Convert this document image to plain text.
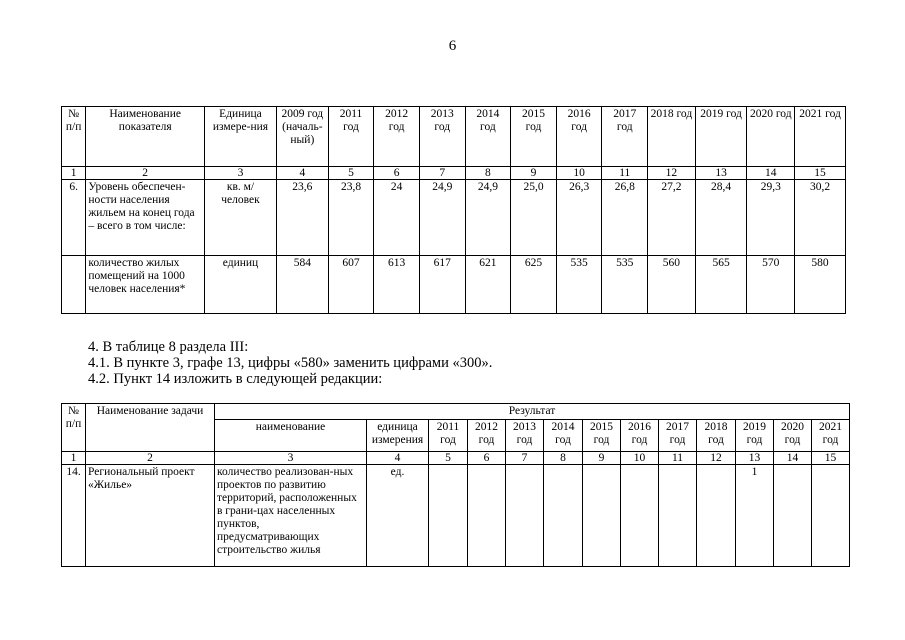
6
№ п/п	Наименование показателя	Единица измере-ния	2009 год (началь-ный)	2011 год	2012 год	2013 год	2014 год	2015 год	2016 год	2017 год	2018 год	2019 год	2020 год	2021 год
1	2	3	4	5	6	7	8	9	10	11	12	13	14	15
6.	Уровень обеспечен-ности населения жильем на конец года – всего в том числе:	кв. м/ человек	23,6	23,8	24	24,9	24,9	25,0	26,3	26,8	27,2	28,4	29,3	30,2
	количество жилых помещений на 1000 человек населения*	единиц	584	607	613	617	621	625	535	535	560	565	570	580
4. В таблице 8 раздела III:
4.1. В пункте 3, графе 13, цифры «580» заменить цифрами «300».
4.2. Пункт 14 изложить в следующей редакции:
№ п/п	Наименование задачи	Результат												
		наименование	единица измерения	2011 год	2012 год	2013 год	2014 год	2015 год	2016 год	2017 год	2018 год	2019 год	2020 год	2021 год
1	2	3	4	5	6	7	8	9	10	11	12	13	14	15
14.	Региональный проект «Жилье»	количество реализован-ных проектов по развитию территорий, расположенных в грани-цах населенных пунктов, предусматривающих строительство жилья	ед.									1		
